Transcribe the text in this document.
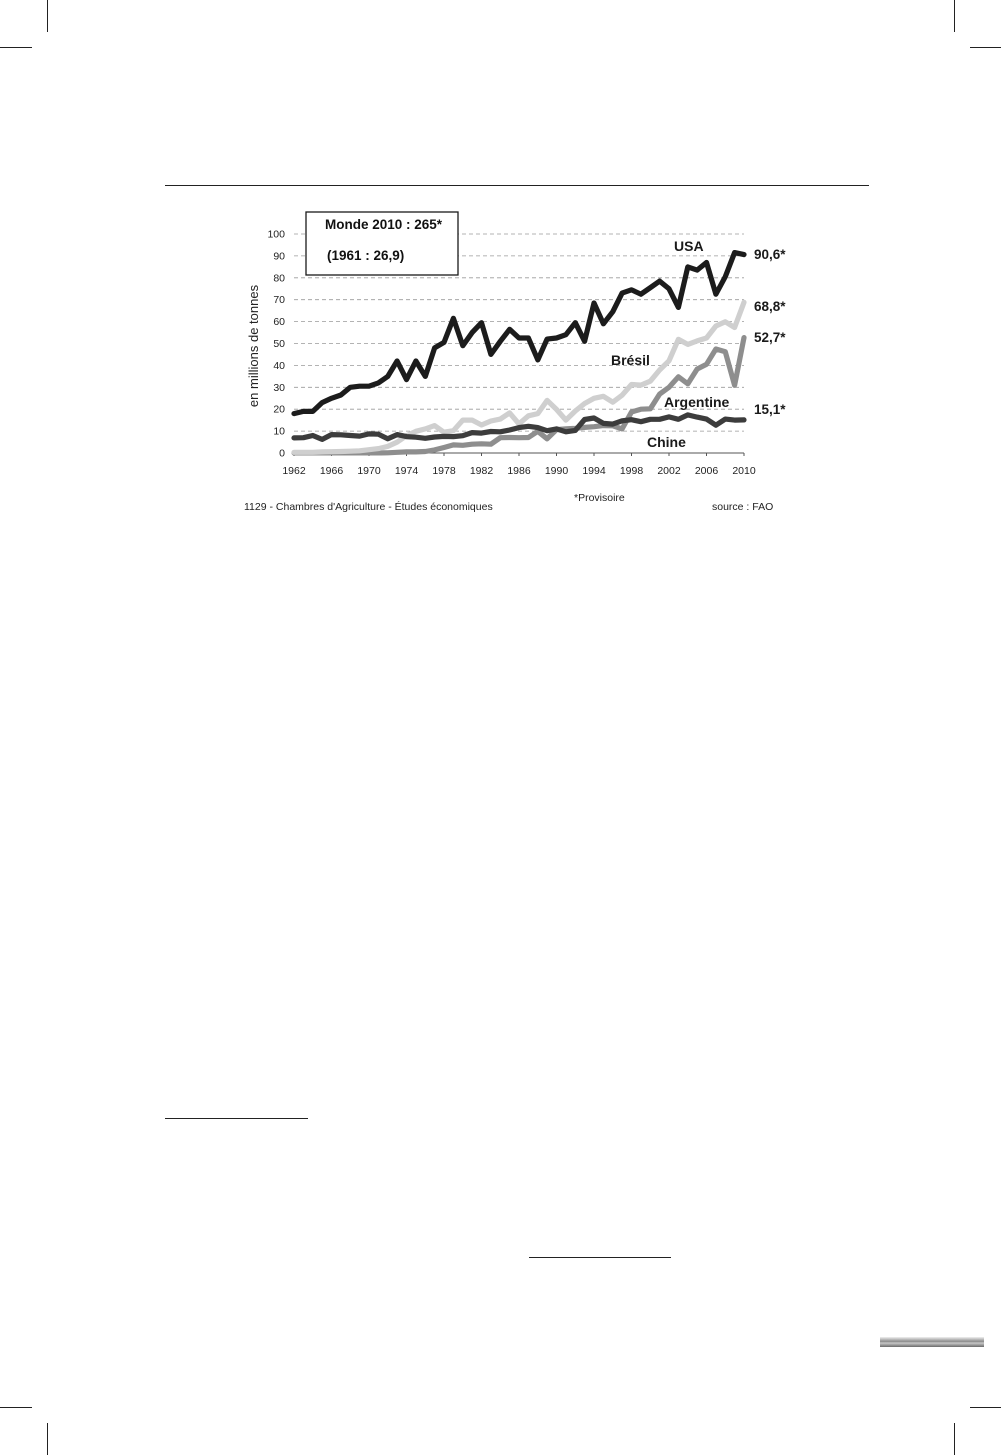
0
10
20
30
40
50
60
70
80
90
100
1962 1966 1970 1974 1978 1982 1986 1990 1994 1998 2002 2006 2010
Monde 2010 : 265*
(1961 : 26,9)
en millions de tonnes
USA
Brésil
Argentine
Chine
90,6*
68,8*
52,7*
15,1*
1129 - Chambres d'Agriculture - Études économiques
*Provisoire
source : FAO
